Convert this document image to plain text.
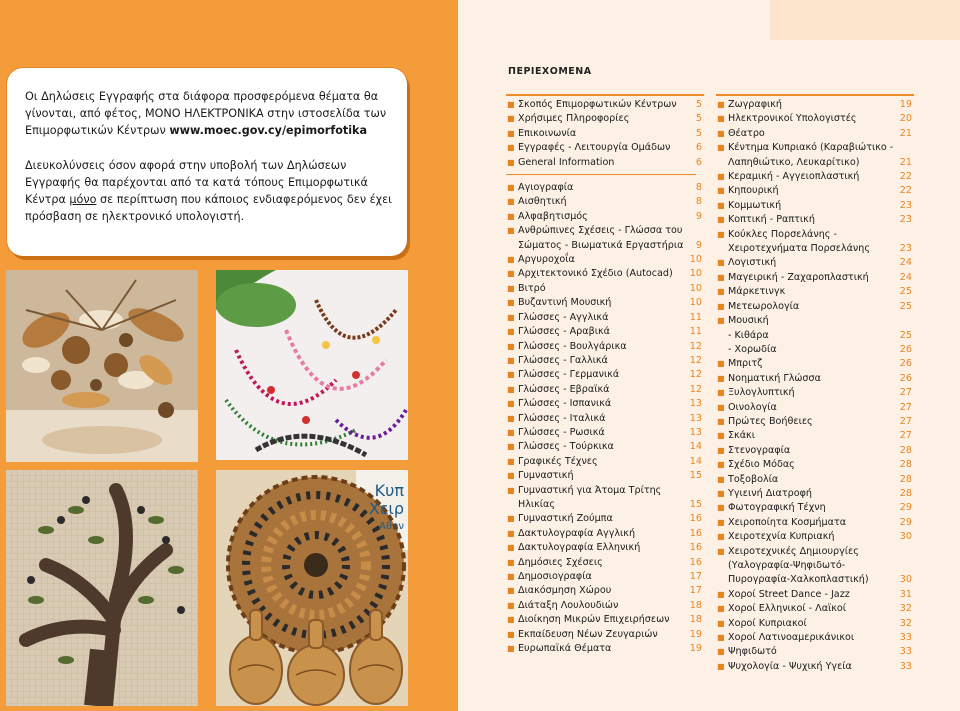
Οι Δηλώσεις Εγγραφής στα διάφορα προσφερόμενα θέματα θα γίνονται, από φέτος, ΜΟΝΟ ΗΛΕΚΤΡΟΝΙΚΑ στην ιστοσελίδα των Επιμορφωτικών Κέντρων www.moec.gov.cy/epimorfotika

Διευκολύνσεις όσον αφορά στην υποβολή των Δηλώσεων Εγγραφής θα παρέχονται από τα κατά τόπους Επιμορφωτικά Κέντρα μόνο σε περίπτωση που κάποιος ενδιαφερόμενος δεν έχει πρόσβαση σε ηλεκτρονικό υπολογιστή.

Κυπ
Χειρ
Αθην
ΠΕΡΙΕΧΟΜΕΝΑ
■ Σκοπός Επιμορφωτικών Κέντρων 5
■ Χρήσιμες Πληροφορίες	5
■ Επικοινωνία	5
■ Εγγραφές - Λειτουργία Ομάδων	6
■ General Information	6
■ Αγιογραφία	8
■ Αισθητική	8
■ Αλφαβητισμός	9
■ Ανθρώπινες Σχέσεις - Γλώσσα του Σώματος - Βιωματικά Εργαστήρια 9
■ Αργυροχοΐα	10
■ Αρχιτεκτονικό Σχέδιο (Autocad) 10
■ Βιτρό	10
■ Βυζαντινή Μουσική	10
■ Γλώσσες - Αγγλικά	11
■ Γλώσσες - Αραβικά	11
■ Γλώσσες - Βουλγάρικα	12
■ Γλώσσες - Γαλλικά	12
■ Γλώσσες - Γερμανικά	12
■ Γλώσσες - Εβραϊκά	12
■ Γλώσσες - Ισπανικά	13
■ Γλώσσες - Ιταλικά	13
■ Γλώσσες - Ρωσικά	13
■ Γλώσσες - Τούρκικα	14
■ Γραφικές Τέχνες	14
■ Γυμναστική	15
■ Γυμναστική για Άτομα Τρίτης Ηλικίας	15
■ Γυμναστική Ζούμπα	16
■ Δακτυλογραφία Αγγλική	16
■ Δακτυλογραφία Ελληνική	16
■ Δημόσιες Σχέσεις	16
■ Δημοσιογραφία	17
■ Διακόσμηση Χώρου	17
■ Διάταξη Λουλουδιών	18
■ Διοίκηση Μικρών Επιχειρήσεων 18
■ Εκπαίδευση Νέων Ζευγαριών	19
■ Ευρωπαϊκά Θέματα	19
■ Ζωγραφική	19
■ Ηλεκτρονικοί Υπολογιστές	20
■ Θέατρο	21
■ Κέντημα Κυπριακό (Καραβιώτικο - Λαπηθιώτικο, Λευκαρίτικο)	21
■ Κεραμική - Αγγειοπλαστική	22
■ Κηπουρική	22
■ Κομμωτική	23
■ Κοπτική - Ραπτική	23
■ Κούκλες Πορσελάνης - Χειροτεχνήματα Πορσελάνης	23
■ Λογιστική	24
■ Μαγειρική - Ζαχαροπλαστική	24
■ Μάρκετινγκ	25
■ Μετεωρολογία	25
■ Μουσική
- Κιθάρα	25
- Χορωδία	26
■ Μπριτζ	26
■ Νοηματική Γλώσσα	26
■ Ξυλογλυπτική	27
■ Οινολογία	27
■ Πρώτες Βοήθειες	27
■ Σκάκι	27
■ Στενογραφία	28
■ Σχέδιο Μόδας	28
■ Τοξοβολία	28
■ Υγιεινή Διατροφή	28
■ Φωτογραφική Τέχνη	29
■ Χειροποίητα Κοσμήματα	29
■ Χειροτεχνία Κυπριακή	30
■ Χειροτεχνικές Δημιουργίες (Υαλογραφία-Ψηφιδωτό-Πυρογραφία-Χαλκοπλαστική)	30
■ Χοροί Street Dance - Jazz	31
■ Χοροί Ελληνικοί - Λαϊκοί	32
■ Χοροί Κυπριακοί	32
■ Χοροί Λατινοαμερικάνικοι	33
■ Ψηφιδωτό	33
■ Ψυχολογία - Ψυχική Υγεία	33
